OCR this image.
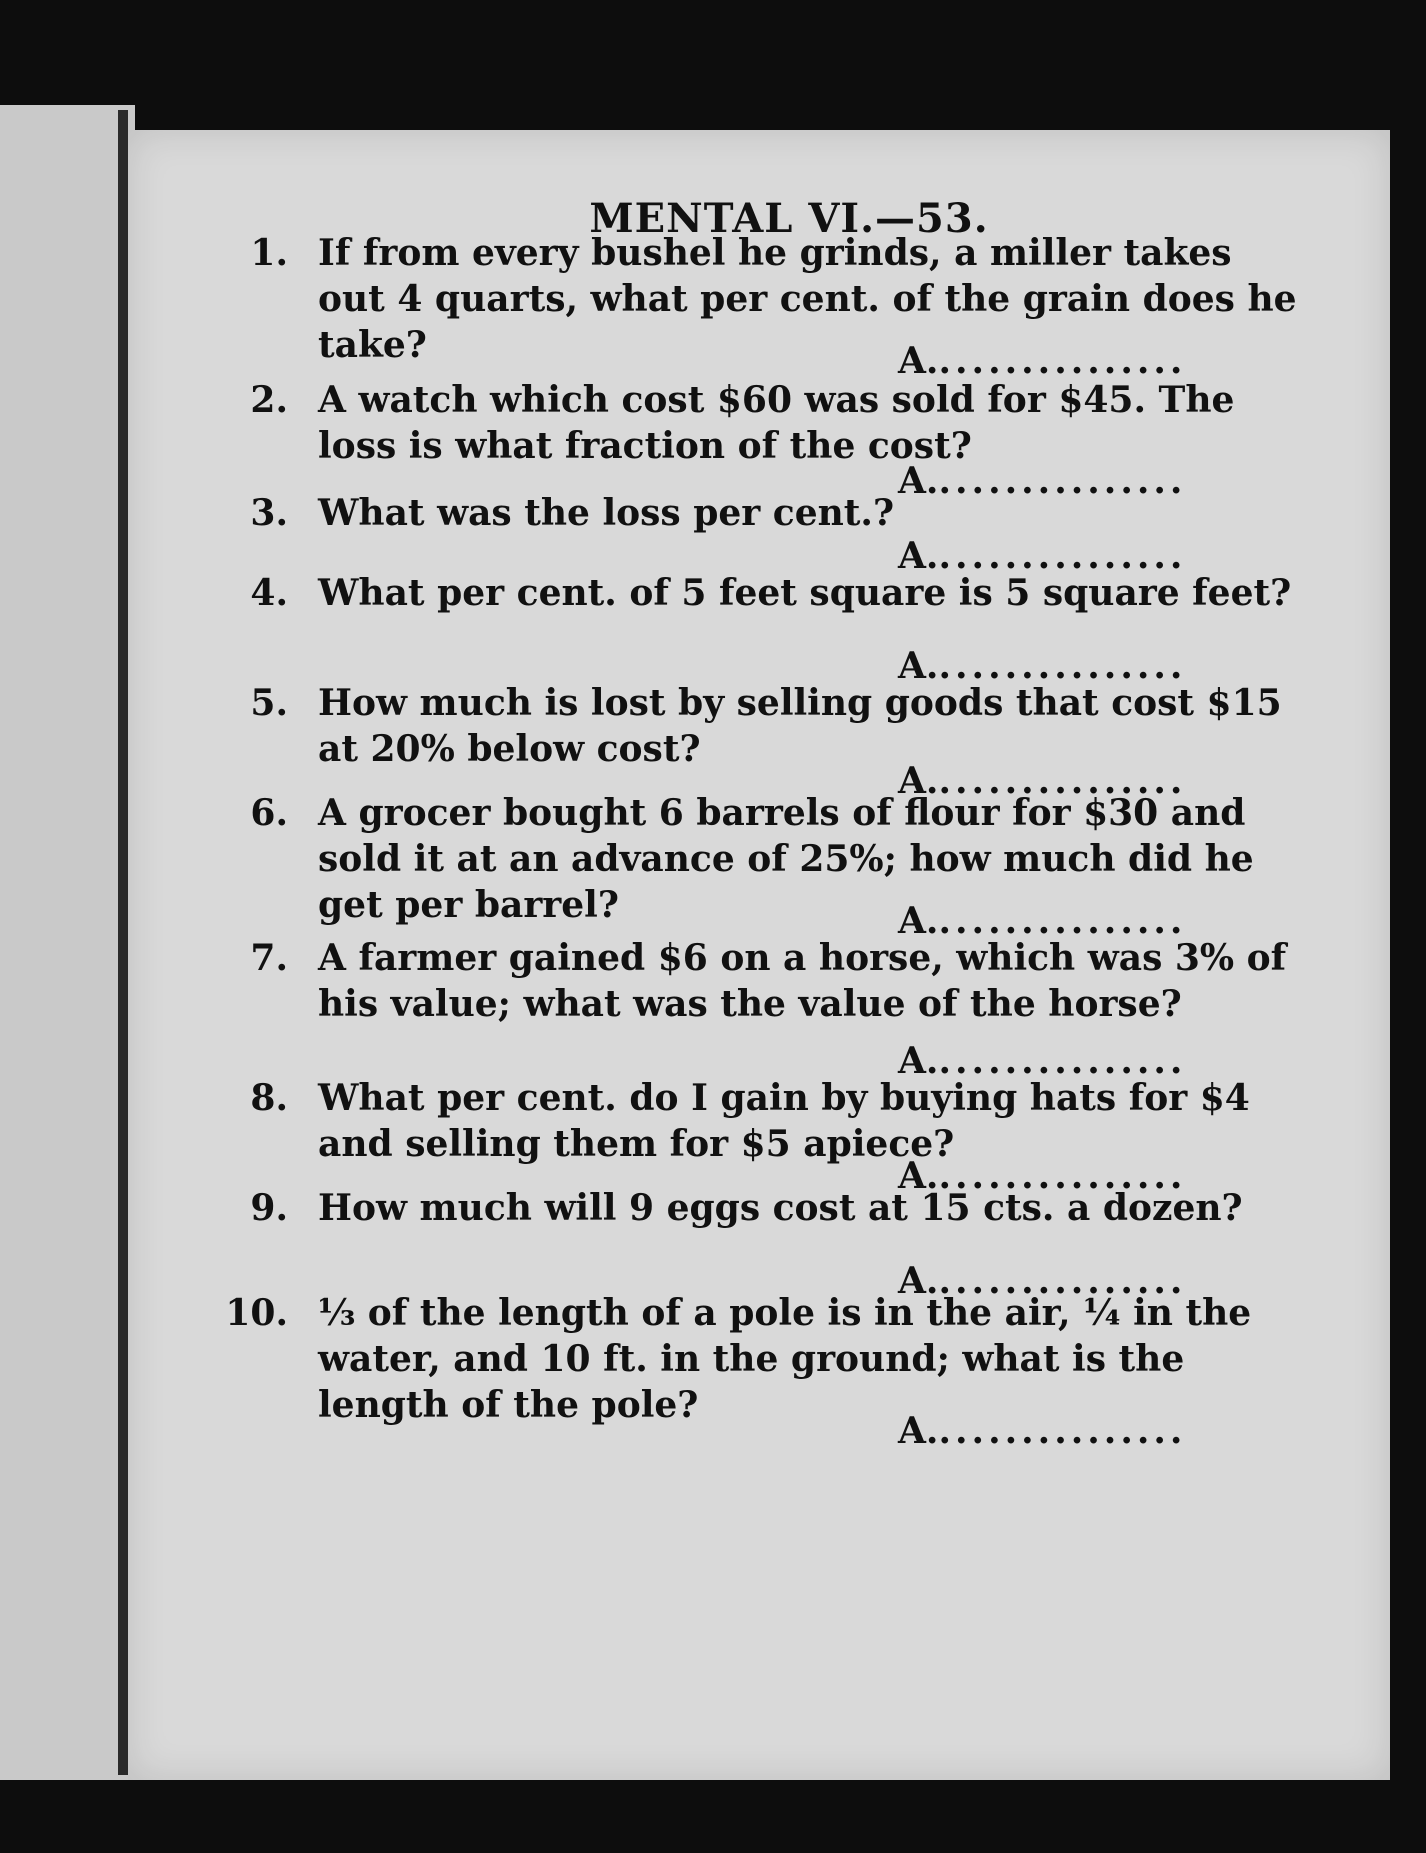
MENTAL VI.—53.
1. If from every bushel he grinds, a miller takes out 4 quarts, what per cent. of the grain does he take?	A................
2. A watch which cost $60 was sold for $45. The loss is what fraction of the cost?
A................
3. What was the loss per cent.?
A................
4. What per cent. of 5 feet square is 5 square feet?
A................
5. How much is lost by selling goods that cost $15 at 20% below cost?
A................
6. A grocer bought 6 barrels of flour for $30 and sold it at an advance of 25%; how much did he get per barrel?	A................
7. A farmer gained $6 on a horse, which was 3% of his value; what was the value of the horse?
A................
8. What per cent. do I gain by buying hats for $4 and selling them for $5 apiece?
A................
9. How much will 9 eggs cost at 15 cts. a dozen?
A................
10. ⅓ of the length of a pole is in the air, ¼ in the water, and 10 ft. in the ground; what is the length of the pole?
A................
